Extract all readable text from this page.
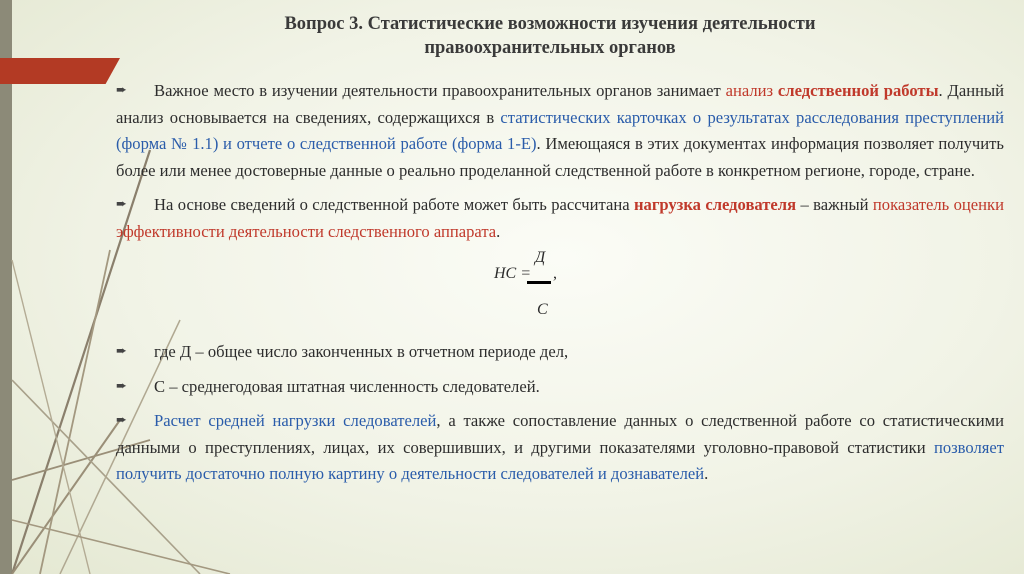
Вопрос 3. Статистические возможности изучения деятельности
правоохранительных органов

➨ Важное место в изучении деятельности правоохранительных органов занимает анализ следственной работы. Данный анализ основывается на сведениях, содержащихся в статистических карточках о результатах расследования преступлений (форма № 1.1) и отчете о следственной работе (форма 1-Е). Имеющаяся в этих документах информация позволяет получить более или менее достоверные данные о реально проделанной следственной работе в конкретном регионе, городе, стране.

➨ На основе сведений о следственной работе может быть рассчитана нагрузка следователя – важный показатель оценки эффективности деятельности следственного аппарата.

НС =
Д
,
С

➨ где Д – общее число законченных в отчетном периоде дел,

➨ С – среднегодовая штатная численность следователей.

➨ Расчет средней нагрузки следователей, а также сопоставление данных о следственной работе со статистическими данными о преступлениях, лицах, их совершивших, и другими показателями уголовно-правовой статистики позволяет получить достаточно полную картину о деятельности следователей и дознавателей.
